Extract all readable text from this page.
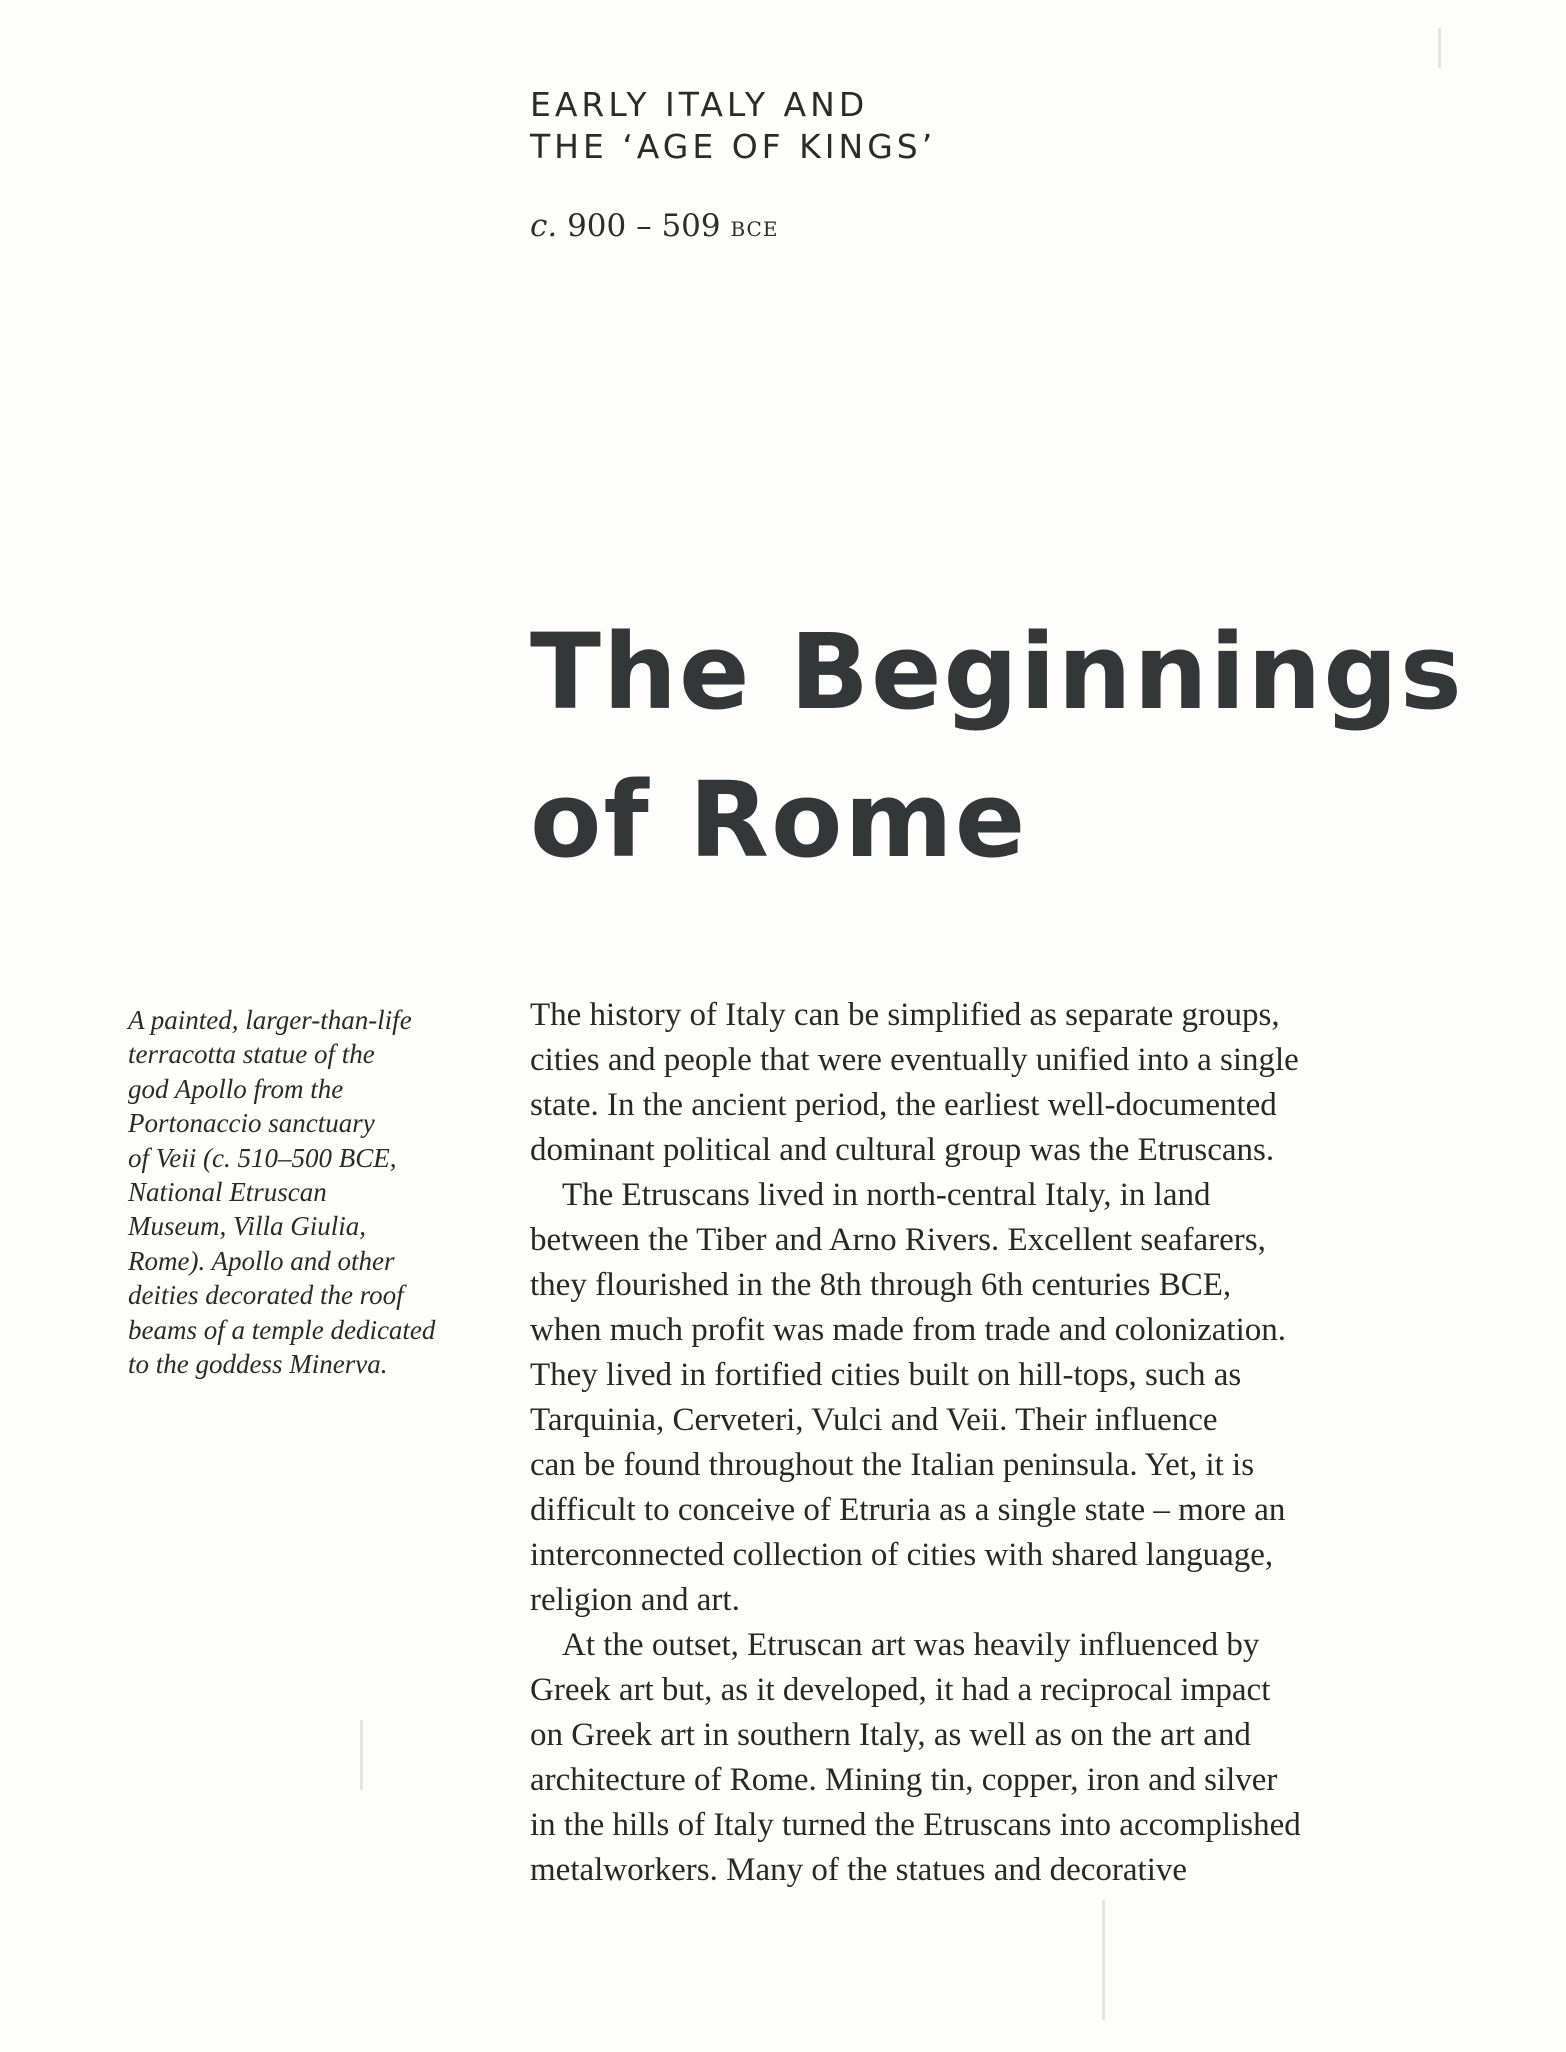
EARLY ITALY AND
THE ‘AGE OF KINGS’
c. 900 – 509 bce
The Beginnings
of Rome
A painted, larger-than-life
terracotta statue of the
god Apollo from the
Portonaccio sanctuary
of Veii (c. 510–500 BCE,
National Etruscan
Museum, Villa Giulia,
Rome). Apollo and other
deities decorated the roof
beams of a temple dedicated
to the goddess Minerva.
The history of Italy can be simplified as separate groups,
cities and people that were eventually unified into a single
state. In the ancient period, the earliest well-documented
dominant political and cultural group was the Etruscans.
The Etruscans lived in north-central Italy, in land
between the Tiber and Arno Rivers. Excellent seafarers,
they flourished in the 8th through 6th centuries BCE,
when much profit was made from trade and colonization.
They lived in fortified cities built on hill-tops, such as
Tarquinia, Cerveteri, Vulci and Veii. Their influence
can be found throughout the Italian peninsula. Yet, it is
difficult to conceive of Etruria as a single state – more an
interconnected collection of cities with shared language,
religion and art.
At the outset, Etruscan art was heavily influenced by
Greek art but, as it developed, it had a reciprocal impact
on Greek art in southern Italy, as well as on the art and
architecture of Rome. Mining tin, copper, iron and silver
in the hills of Italy turned the Etruscans into accomplished
metalworkers. Many of the statues and decorative
